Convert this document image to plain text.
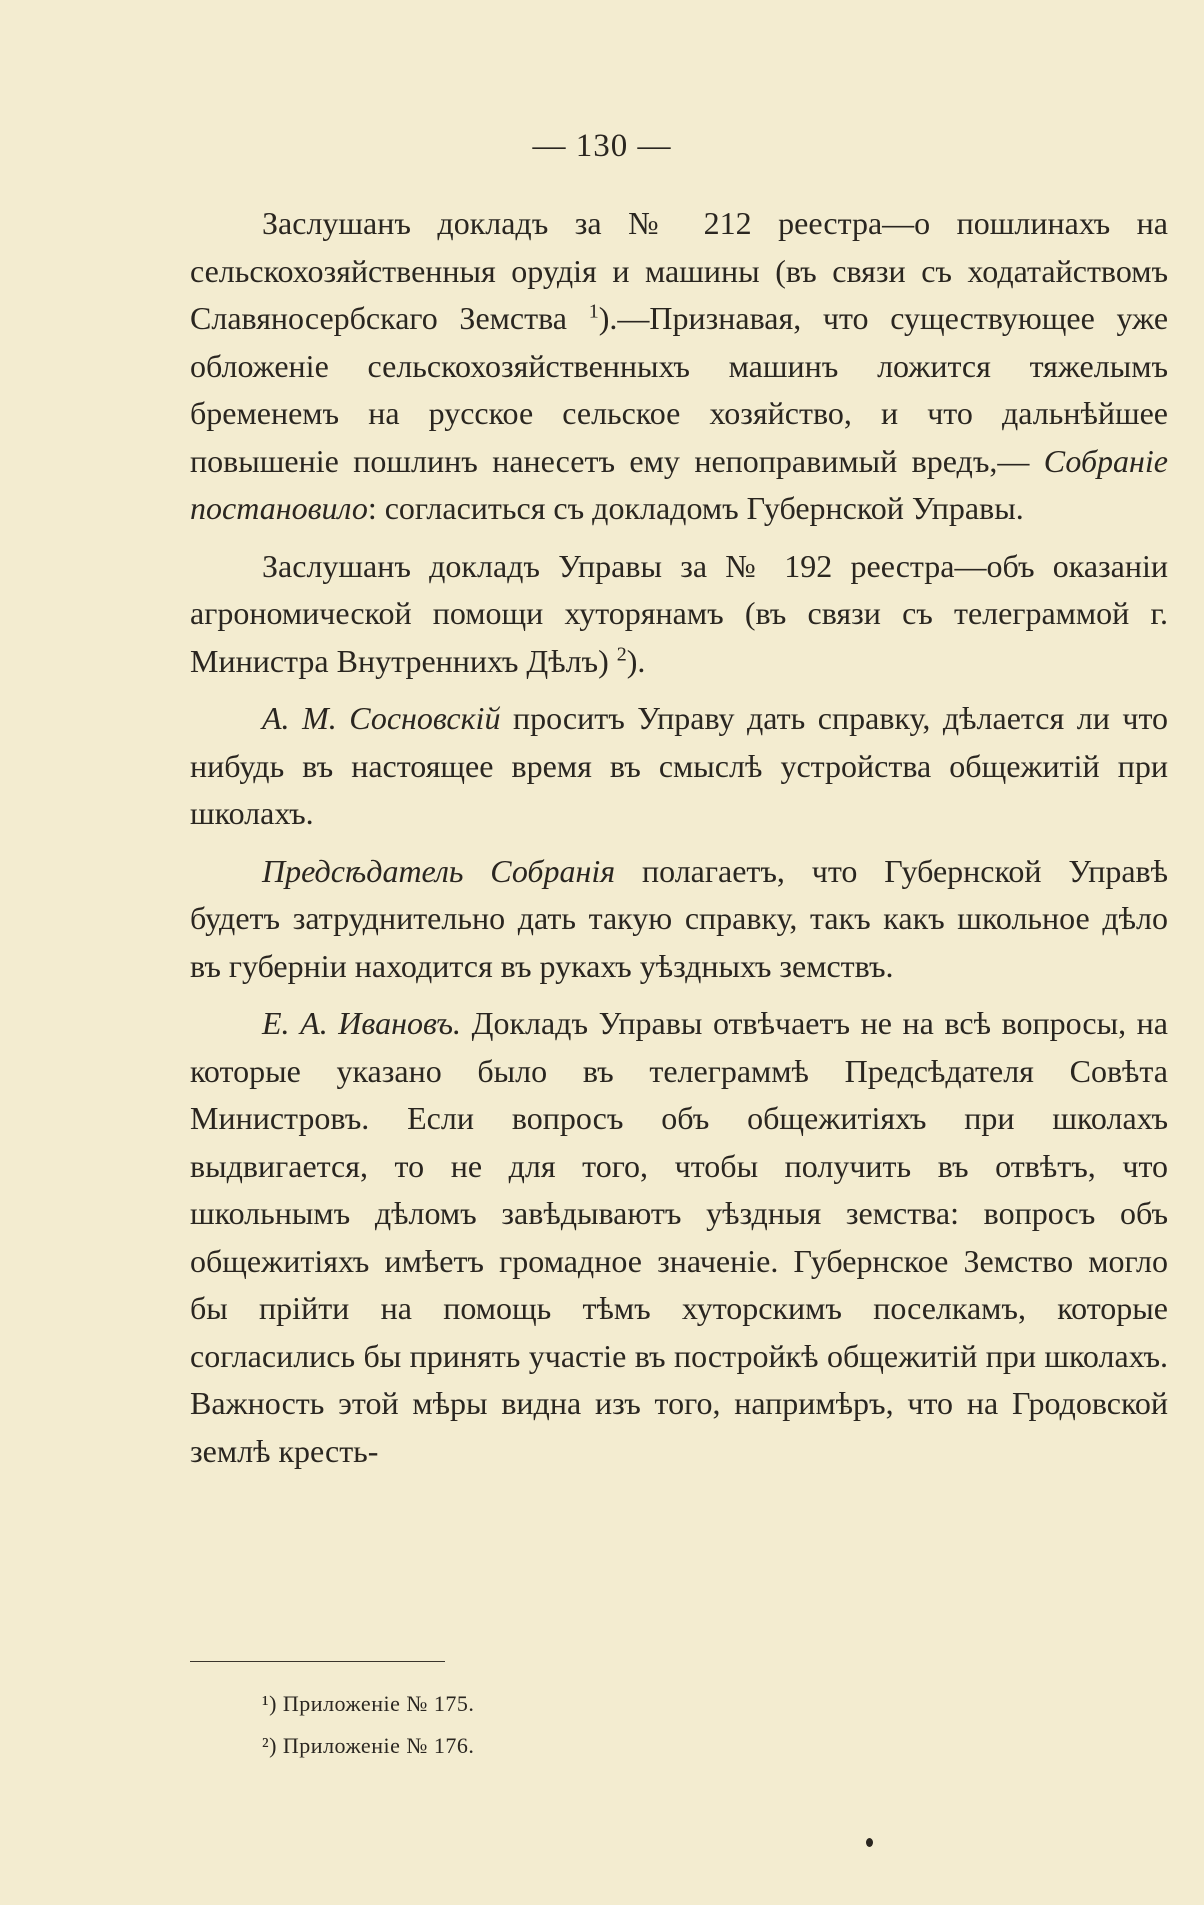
— 130 —

Заслушанъ докладъ за № 212 реестра—о пошлинахъ на сельскохозяйственныя орудія и машины (въ связи съ ходатайствомъ Славяносербскаго Земства $^1$).—Признавая, что существующее уже обложеніе сельскохозяйственныхъ машинъ ложится тяжелымъ бременемъ на русское сельское хозяйство, и что дальнѣйшее повышеніе пошлинъ нанесетъ ему непоправимый вредъ,— Собраніе постановило: согласиться съ докладомъ Губернской Управы.

Заслушанъ докладъ Управы за № 192 реестра—объ оказаніи агрономической помощи хуторянамъ (въ связи съ телеграммой г. Министра Внутреннихъ Дѣлъ) $^2$).

А. М. Сосновскій проситъ Управу дать справку, дѣлается ли что нибудь въ настоящее время въ смыслѣ устройства общежитій при школахъ.

Предсѣдатель Собранія полагаетъ, что Губернской Управѣ будетъ затруднительно дать такую справку, такъ какъ школьное дѣло въ губерніи находится въ рукахъ уѣздныхъ земствъ.

Е. А. Ивановъ. Докладъ Управы отвѣчаетъ не на всѣ вопросы, на которые указано было въ телеграммѣ Предсѣдателя Совѣта Министровъ. Если вопросъ объ общежитіяхъ при школахъ выдвигается, то не для того, чтобы получить въ отвѣтъ, что школьнымъ дѣломъ завѣдываютъ уѣздныя земства: вопросъ объ общежитіяхъ имѣетъ громадное значеніе. Губернское Земство могло бы прійти на помощь тѣмъ хуторскимъ поселкамъ, которые согласились бы принять участіе въ постройкѣ общежитій при школахъ. Важность этой мѣры видна изъ того, напримѣръ, что на Гродовской землѣ кресть-

¹) Приложеніе № 175.

²) Приложеніе № 176.
